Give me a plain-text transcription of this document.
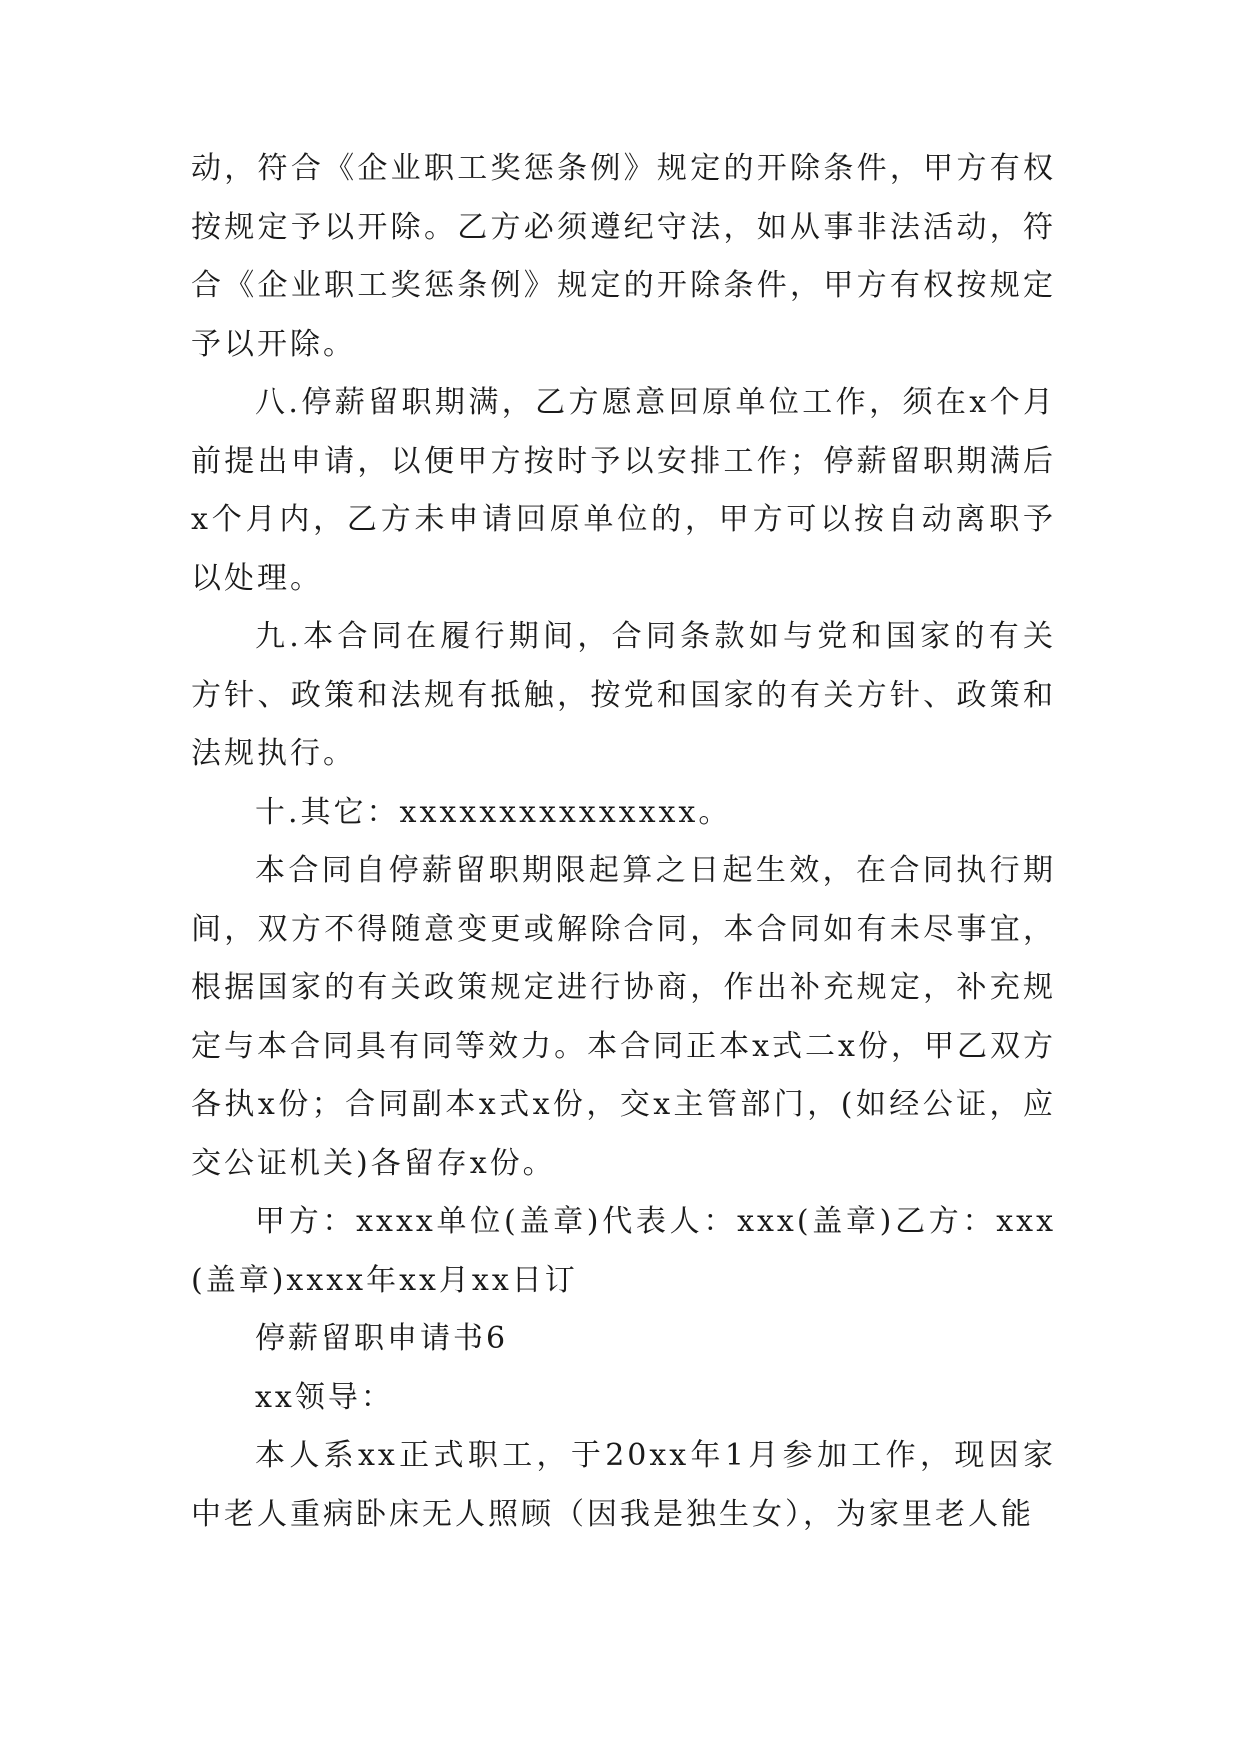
动，符合《企业职工奖惩条例》规定的开除条件，甲方有权按规定予以开除。乙方必须遵纪守法，如从事非法活动，符合《企业职工奖惩条例》规定的开除条件，甲方有权按规定予以开除。

八.停薪留职期满，乙方愿意回原单位工作，须在x个月前提出申请，以便甲方按时予以安排工作；停薪留职期满后x个月内，乙方未申请回原单位的，甲方可以按自动离职予以处理。

九.本合同在履行期间，合同条款如与党和国家的有关方针、政策和法规有抵触，按党和国家的有关方针、政策和法规执行。

十.其它：xxxxxxxxxxxxxxx。

本合同自停薪留职期限起算之日起生效，在合同执行期间，双方不得随意变更或解除合同，本合同如有未尽事宜，根据国家的有关政策规定进行协商，作出补充规定，补充规定与本合同具有同等效力。本合同正本x式二x份，甲乙双方各执x份；合同副本x式x份，交x主管部门，(如经公证，应交公证机关)各留存x份。

甲方：xxxx单位(盖章)代表人：xxx(盖章)乙方：xxx(盖章)xxxx年xx月xx日订

停薪留职申请书6

xx领导：

本人系xx正式职工，于20xx年1月参加工作，现因家中老人重病卧床无人照顾（因我是独生女），为家里老人能
